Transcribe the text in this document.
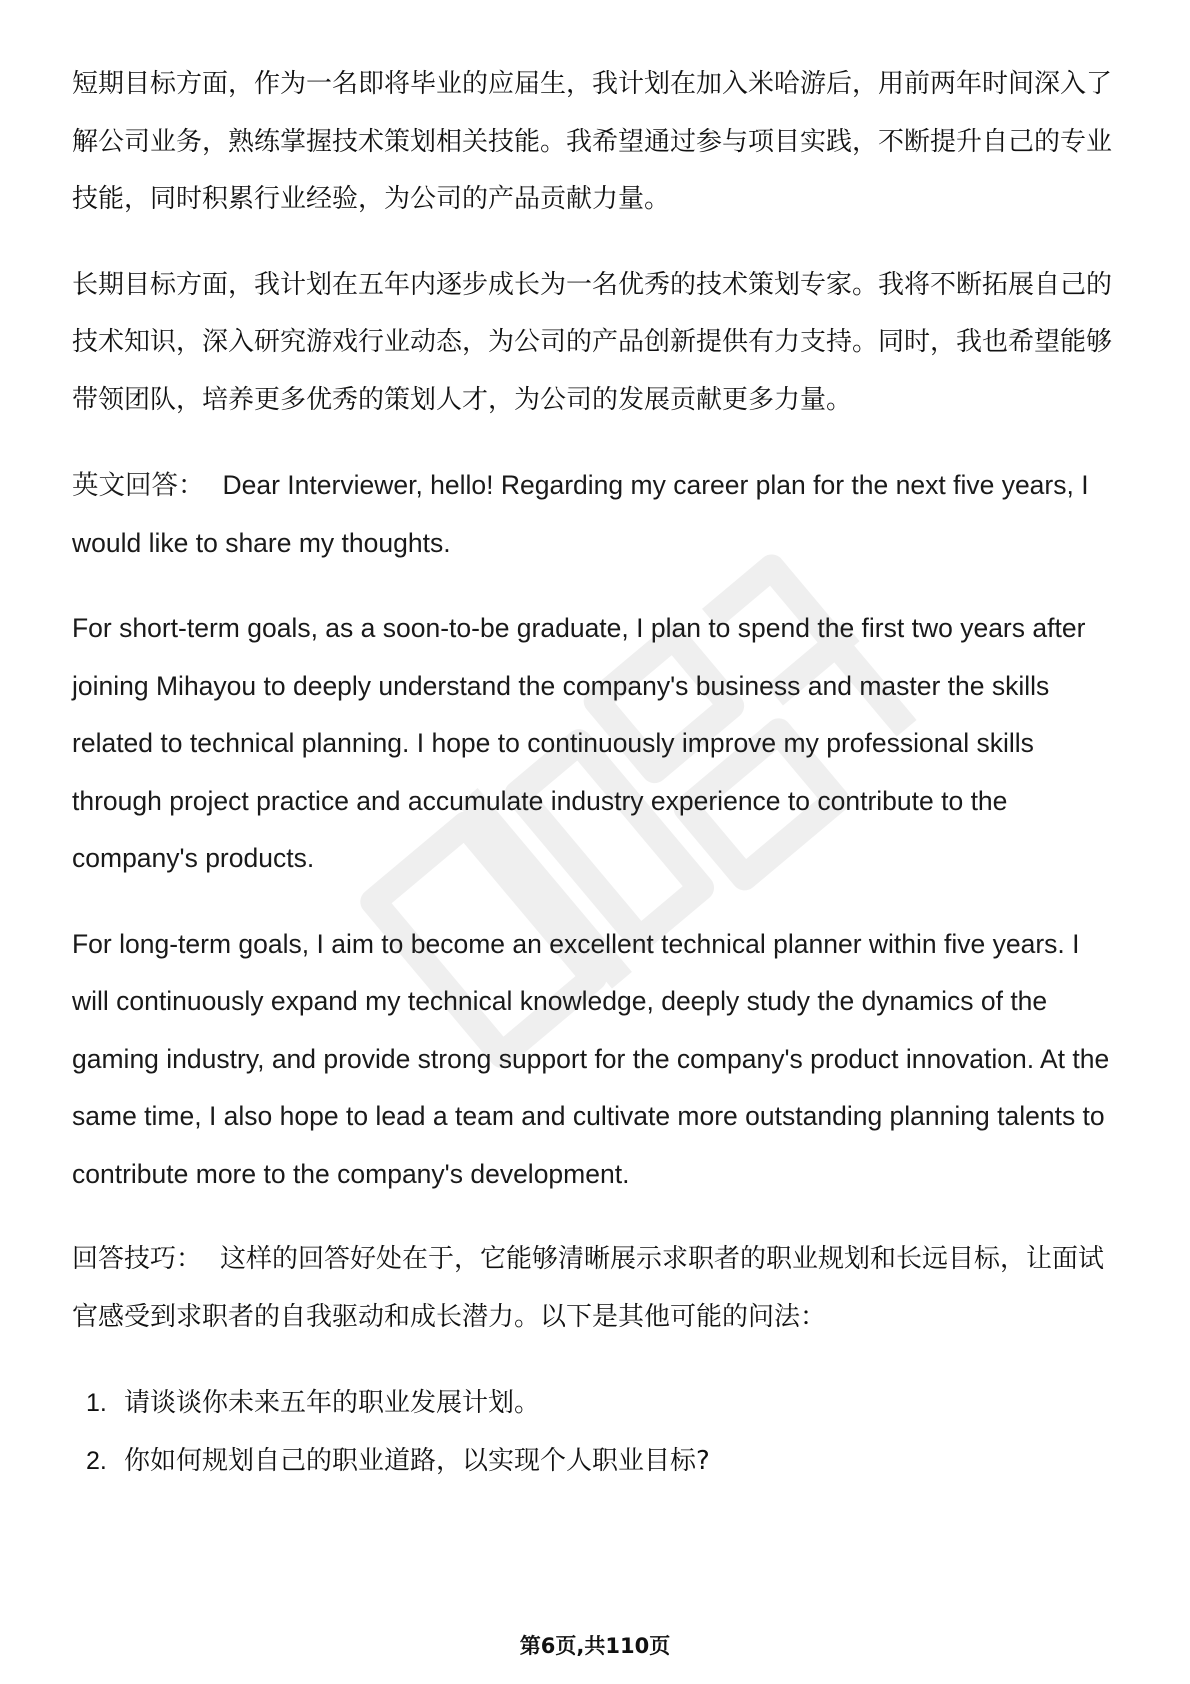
短期目标方面，作为一名即将毕业的应届生，我计划在加入米哈游后，用前两年时间深入了解公司业务，熟练掌握技术策划相关技能。我希望通过参与项目实践，不断提升自己的专业技能，同时积累行业经验，为公司的产品贡献力量。

长期目标方面，我计划在五年内逐步成长为一名优秀的技术策划专家。我将不断拓展自己的技术知识，深入研究游戏行业动态，为公司的产品创新提供有力支持。同时，我也希望能够带领团队，培养更多优秀的策划人才，为公司的发展贡献更多力量。

英文回答： Dear Interviewer, hello! Regarding my career plan for the next five years, I would like to share my thoughts.

For short-term goals, as a soon-to-be graduate, I plan to spend the first two years after joining Mihayou to deeply understand the company's business and master the skills related to technical planning. I hope to continuously improve my professional skills through project practice and accumulate industry experience to contribute to the company's products.

For long-term goals, I aim to become an excellent technical planner within five years. I will continuously expand my technical knowledge, deeply study the dynamics of the gaming industry, and provide strong support for the company's product innovation. At the same time, I also hope to lead a team and cultivate more outstanding planning talents to contribute more to the company's development.

回答技巧： 这样的回答好处在于，它能够清晰展示求职者的职业规划和长远目标，让面试官感受到求职者的自我驱动和成长潜力。以下是其他可能的问法：

1. 请谈谈你未来五年的职业发展计划。
2. 你如何规划自己的职业道路，以实现个人职业目标?
第6页,共110页
